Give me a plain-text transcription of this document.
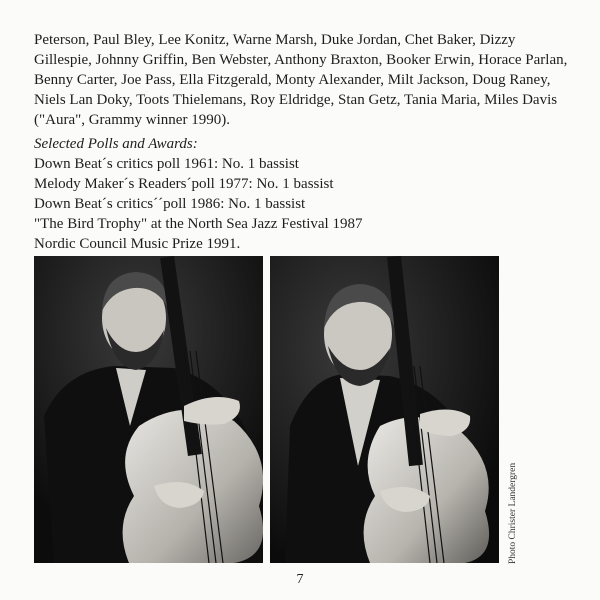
Peterson, Paul Bley, Lee Konitz, Warne Marsh, Duke Jordan, Chet Baker, Dizzy Gillespie, Johnny Griffin, Ben Webster, Anthony Braxton, Booker Erwin, Horace Parlan, Benny Carter, Joe Pass, Ella Fitzgerald, Monty Alexander, Milt Jackson, Doug Raney, Niels Lan Doky, Toots Thielemans, Roy Eldridge, Stan Getz, Tania Maria, Miles Davis ("Aura", Grammy winner 1990).

Selected Polls and Awards:

Down Beat´s critics poll 1961: No. 1 bassist
Melody Maker´s Readers´poll 1977: No. 1 bassist
Down Beat´s critics´´poll 1986: No. 1 bassist
"The Bird Trophy" at the North Sea Jazz Festival 1987
Nordic Council Music Prize 1991.
Photo Christer Landergren
7
